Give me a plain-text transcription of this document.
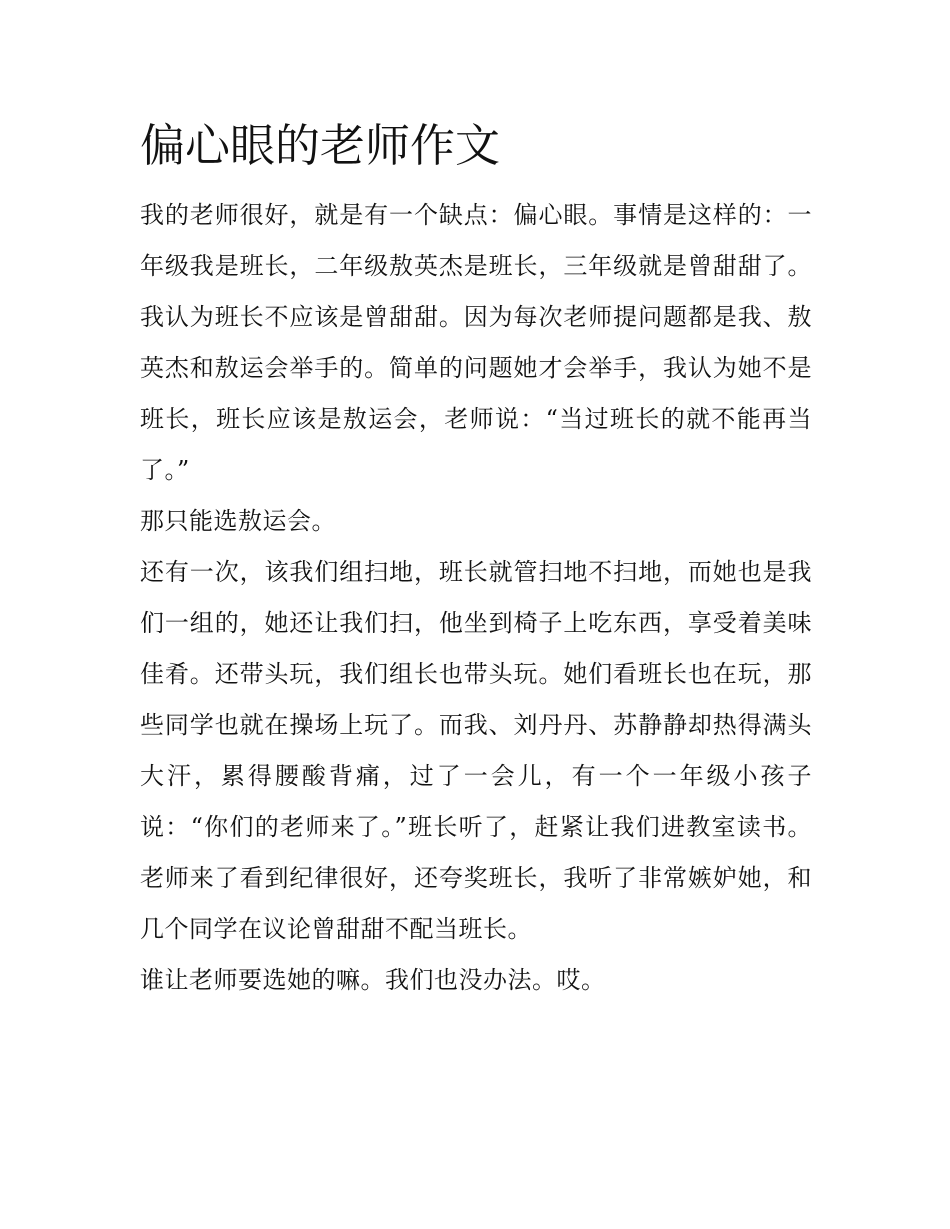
偏心眼的老师作文

我的老师很好，就是有一个缺点：偏心眼。事情是这样的：一年级我是班长，二年级敖英杰是班长，三年级就是曾甜甜了。我认为班长不应该是曾甜甜。因为每次老师提问题都是我、敖英杰和敖运会举手的。简单的问题她才会举手，我认为她不是班长，班长应该是敖运会，老师说：“当过班长的就不能再当了。”

那只能选敖运会。

还有一次，该我们组扫地，班长就管扫地不扫地，而她也是我们一组的，她还让我们扫，他坐到椅子上吃东西，享受着美味佳肴。还带头玩，我们组长也带头玩。她们看班长也在玩，那些同学也就在操场上玩了。而我、刘丹丹、苏静静却热得满头大汗，累得腰酸背痛，过了一会儿，有一个一年级小孩子说：“你们的老师来了。”班长听了，赶紧让我们进教室读书。老师来了看到纪律很好，还夸奖班长，我听了非常嫉妒她，和几个同学在议论曾甜甜不配当班长。

谁让老师要选她的嘛。我们也没办法。哎。
